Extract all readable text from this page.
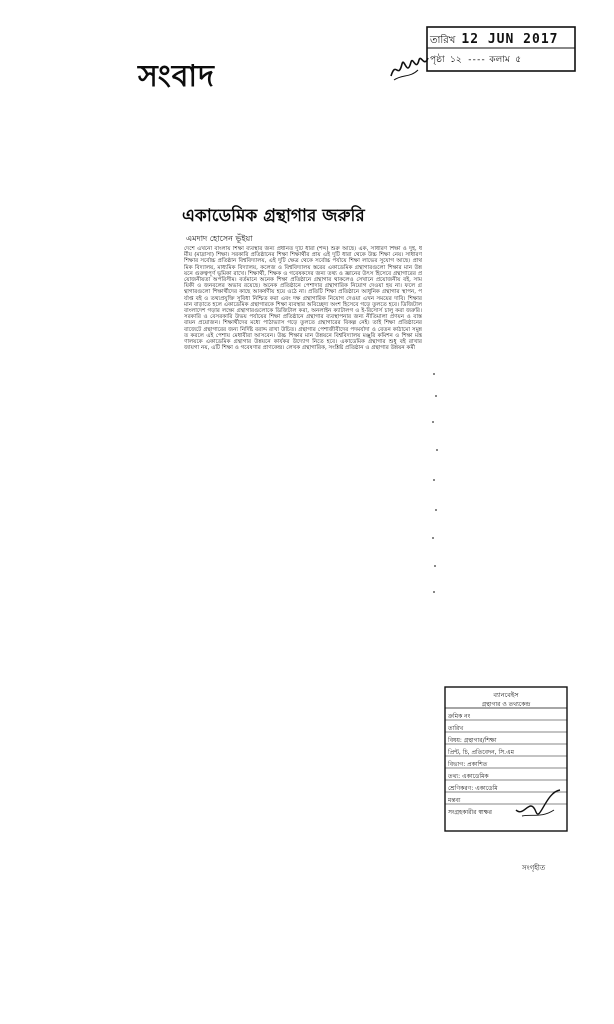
সংবাদ
তারিখ 12 JUN 2017
পৃষ্ঠা ১২ ---- কলাম ৫
একাডেমিক গ্রন্থাগার জরুরি
এমদাদ হোসেন ভূঁইয়া
দেশে এখনো বাংলায় শিক্ষা ব্যবস্থার জন্য প্রধানত দুটি ধারা (শব্দ) শুরু আছে। এক, সাধারণ শিক্ষা ও দুই, ধর্মীয় (মাদ্রাসা) শিক্ষা। সরকারি প্রতিষ্ঠানের শিক্ষা শিক্ষার্থীর প্রায় এই দুটি ধারা থেকে উচ্চ শিক্ষা নেয়। সাধারণ শিক্ষার সর্বোচ্চ প্রতিষ্ঠান বিশ্ববিদ্যালয়, এই দুটি ক্ষেত্র থেকে সর্বোচ্চ পর্যায়ে শিক্ষা লাভের সুযোগ আছে। প্রাথমিক বিদ্যালয়, মাধ্যমিক বিদ্যালয়, কলেজ ও বিশ্ববিদ্যালয় স্তরের একাডেমিক গ্রন্থাগারগুলো শিক্ষার মান উন্নয়নে গুরুত্বপূর্ণ ভূমিকা রাখে। শিক্ষার্থী, শিক্ষক ও গবেষকদের জন্য তথ্য ও জ্ঞানের উৎস হিসেবে গ্রন্থাগারের প্রয়োজনীয়তা অপরিসীম। বর্তমানে অনেক শিক্ষা প্রতিষ্ঠানে গ্রন্থাগার থাকলেও সেখানে প্রয়োজনীয় বই, সাময়িকী ও জনবলের অভাব রয়েছে। অনেক প্রতিষ্ঠানে পেশাদার গ্রন্থাগারিক নিয়োগ দেওয়া হয় না। ফলে গ্রন্থাগারগুলো শিক্ষার্থীদের কাছে আকর্ষণীয় হয়ে ওঠে না। প্রতিটি শিক্ষা প্রতিষ্ঠানে আধুনিক গ্রন্থাগার স্থাপন, পর্যাপ্ত বই ও তথ্যপ্রযুক্তি সুবিধা নিশ্চিত করা এবং দক্ষ গ্রন্থাগারিক নিয়োগ দেওয়া এখন সময়ের দাবি। শিক্ষার মান বাড়াতে হলে একাডেমিক গ্রন্থাগারকে শিক্ষা ব্যবস্থার অবিচ্ছেদ্য অংশ হিসেবে গড়ে তুলতে হবে। ডিজিটাল বাংলাদেশ গড়ার লক্ষ্যে গ্রন্থাগারগুলোকে ডিজিটাল করা, অনলাইন ক্যাটালগ ও ই-রিসোর্স চালু করা জরুরি। সরকারি ও বেসরকারি উভয় পর্যায়ের শিক্ষা প্রতিষ্ঠানে গ্রন্থাগার ব্যবস্থাপনার জন্য নীতিমালা প্রণয়ন ও বাস্তবায়ন প্রয়োজন। শিক্ষার্থীদের মধ্যে পাঠাভ্যাস গড়ে তুলতে গ্রন্থাগারের বিকল্প নেই। তাই শিক্ষা প্রতিষ্ঠানের বাজেটে গ্রন্থাগারের জন্য নির্দিষ্ট বরাদ্দ রাখা উচিত। গ্রন্থাগার পেশাজীবীদের পদমর্যাদা ও বেতন কাঠামো সমুন্নত করলে এই পেশায় মেধাবীরা আসবেন। উচ্চ শিক্ষার মান উন্নয়নে বিশ্ববিদ্যালয় মঞ্জুরি কমিশন ও শিক্ষা মন্ত্রণালয়কে একাডেমিক গ্রন্থাগার উন্নয়নে কার্যকর উদ্যোগ নিতে হবে। একাডেমিক গ্রন্থাগার শুধু বই রাখার জায়গা নয়, এটি শিক্ষা ও গবেষণার প্রাণকেন্দ্র। লেখক গ্রন্থাগারিক, সংশ্লিষ্ট প্রতিষ্ঠান ও গ্রন্থাগার উন্নয়ন কর্মী
ব্যানবেইস
গ্রন্থাগার ও তথ্যকেন্দ্র
ক্রমিক নং
তারিখ
বিষয়: গ্রন্থাগার/শিক্ষা
প্রিন্ট, চি, প্রতিবেদন, সি.এম
বিভাগ: প্রকাশিত
তথ্য: একাডেমিক
শ্রেণিকরণ: একাডেমি
মন্তব্য
সংগ্রহকারীর স্বাক্ষর
সংগৃহীত
